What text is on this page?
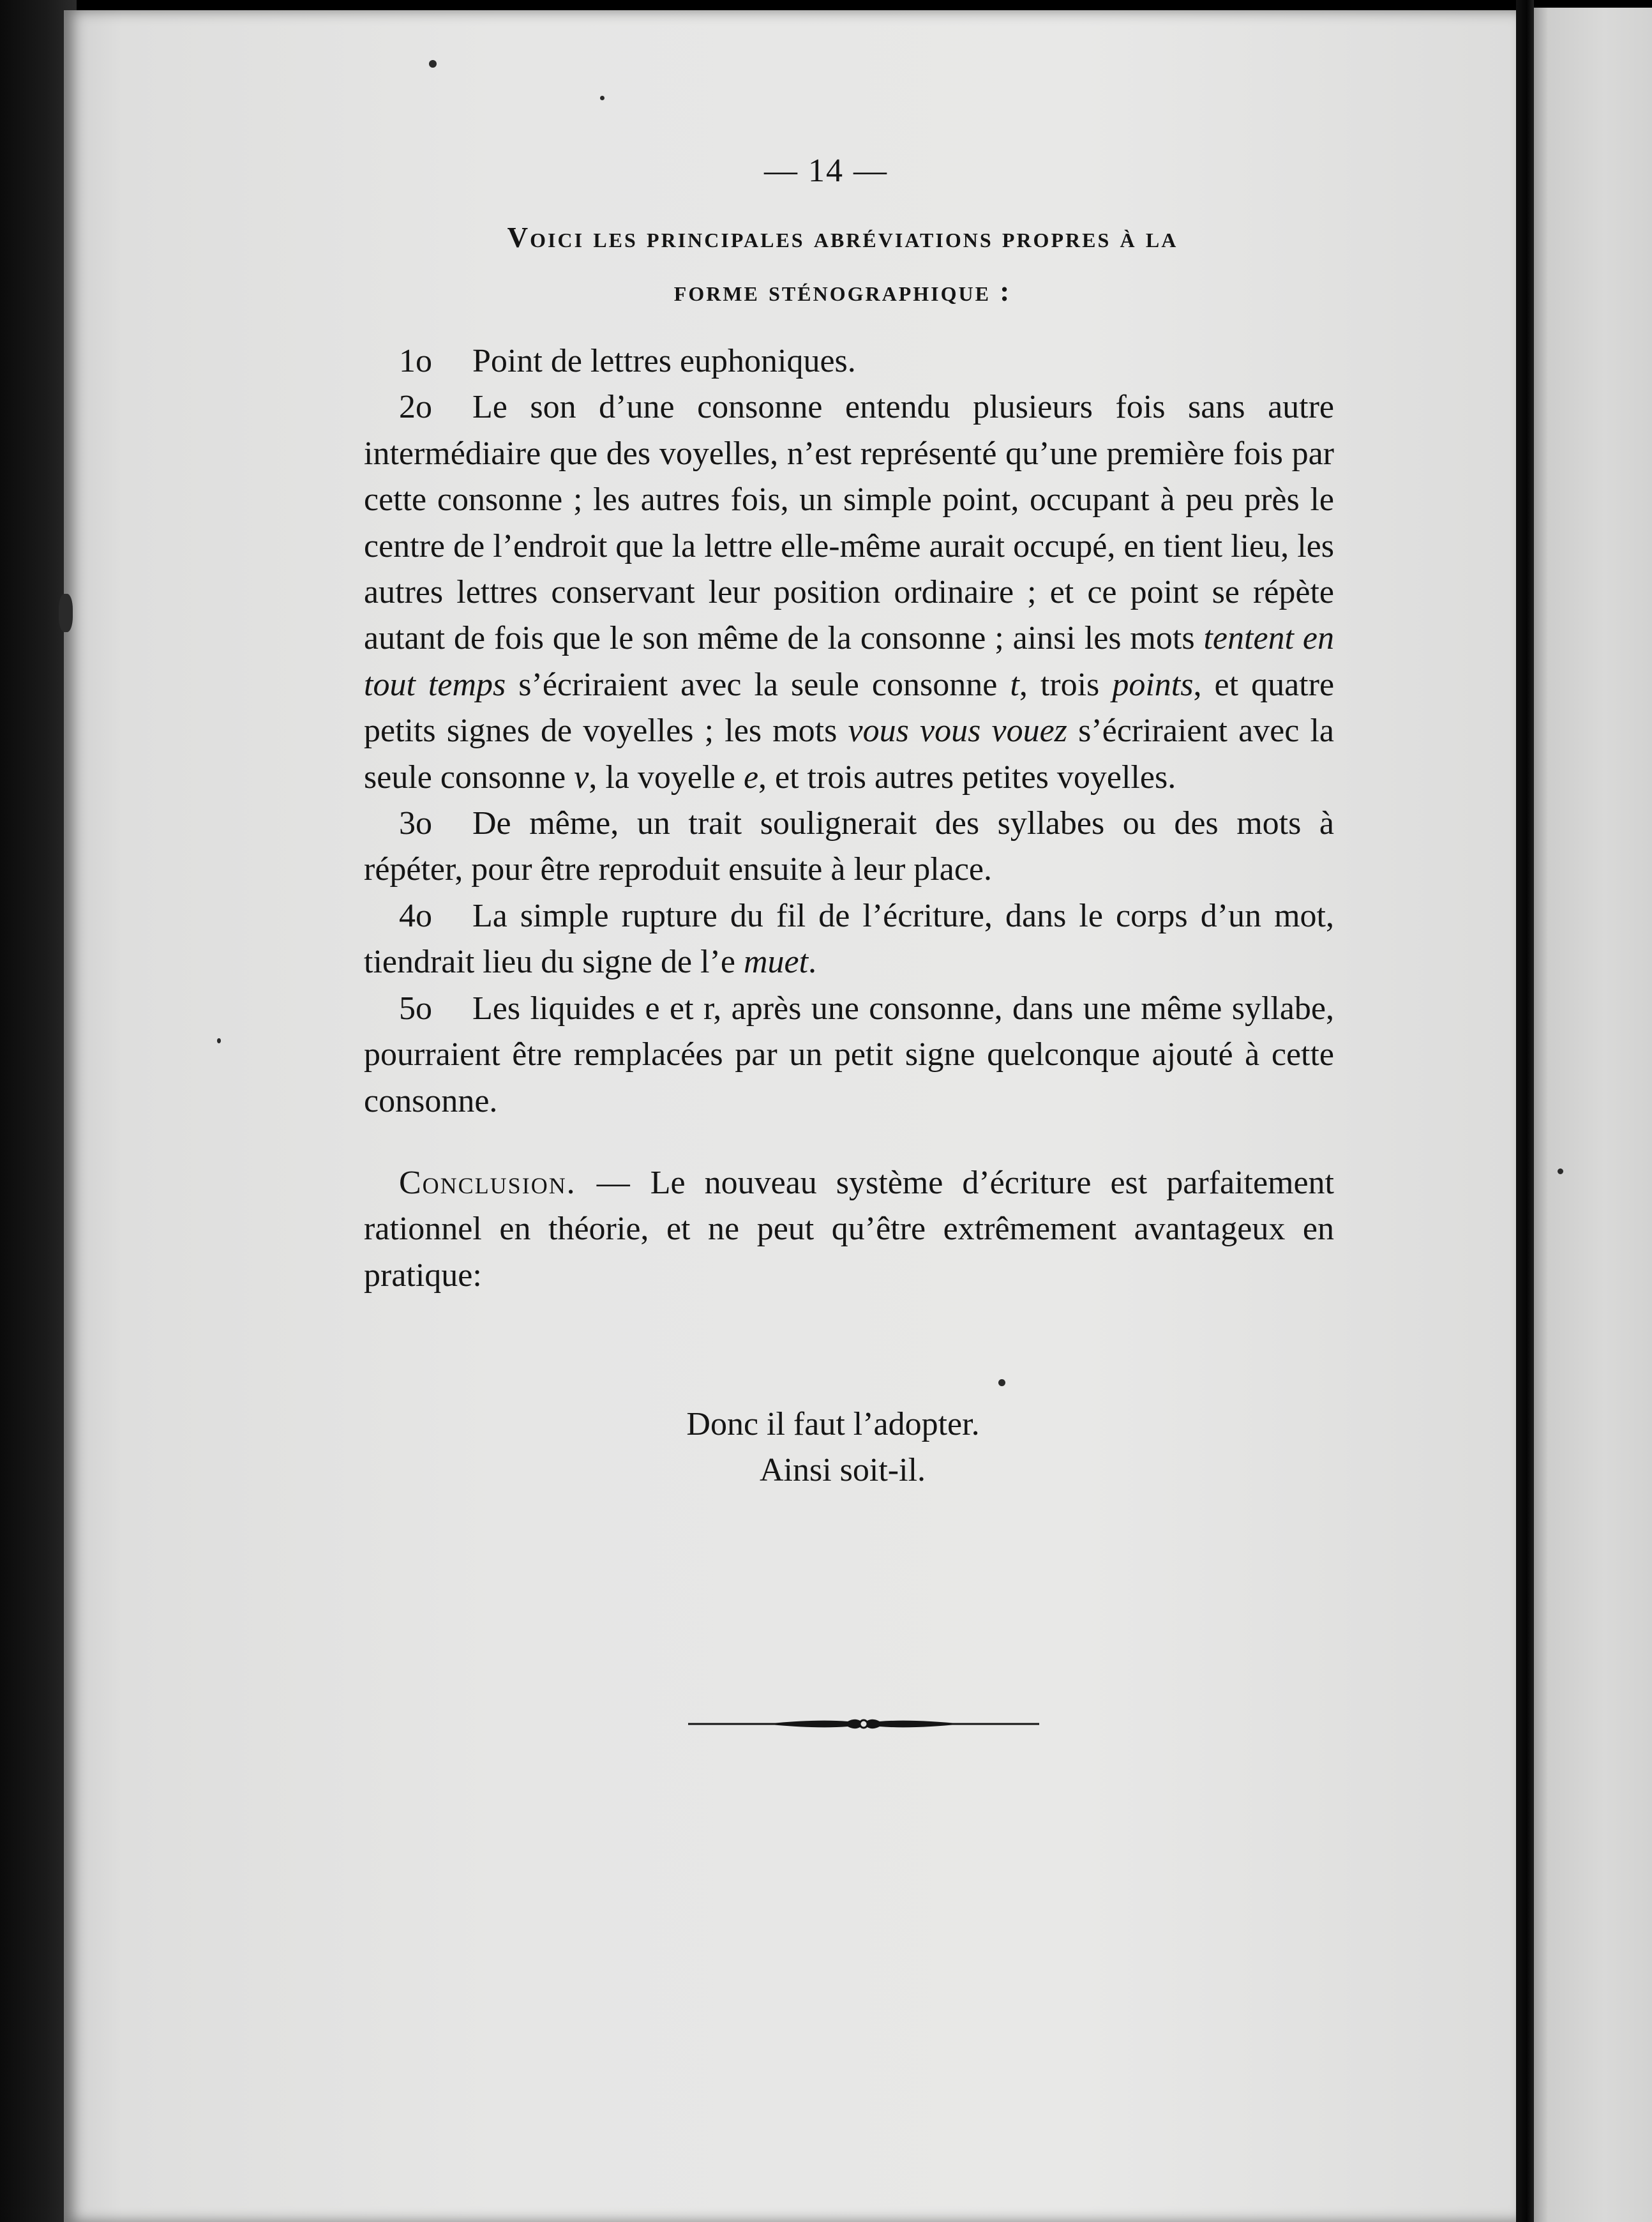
— 14 —
Voici les principales abréviations propres à la
forme sténographique :

1o Point de lettres euphoniques.

2o Le son d’une consonne entendu plusieurs fois sans autre intermédiaire que des voyelles, n’est représenté qu’une première fois par cette consonne ; les autres fois, un simple point, occupant à peu près le centre de l’endroit que la lettre elle-même aurait occupé, en tient lieu, les autres lettres conservant leur position ordinaire ; et ce point se répète autant de fois que le son même de la consonne ; ainsi les mots tentent en tout temps s’écriraient avec la seule consonne t, trois points, et quatre petits signes de voyelles ; les mots vous vous vouez s’écriraient avec la seule consonne v, la voyelle e, et trois autres petites voyelles.

3o De même, un trait soulignerait des syllabes ou des mots à répéter, pour être reproduit ensuite à leur place.

4o La simple rupture du fil de l’écriture, dans le corps d’un mot, tiendrait lieu du signe de l’e muet.

5o Les liquides e et r, après une consonne, dans une même syllabe, pourraient être remplacées par un petit signe quelconque ajouté à cette consonne.

Conclusion. — Le nouveau système d’écriture est parfaitement rationnel en théorie, et ne peut qu’être extrêmement avantageux en pratique:

Donc il faut l’adopter.
Ainsi soit-il.
